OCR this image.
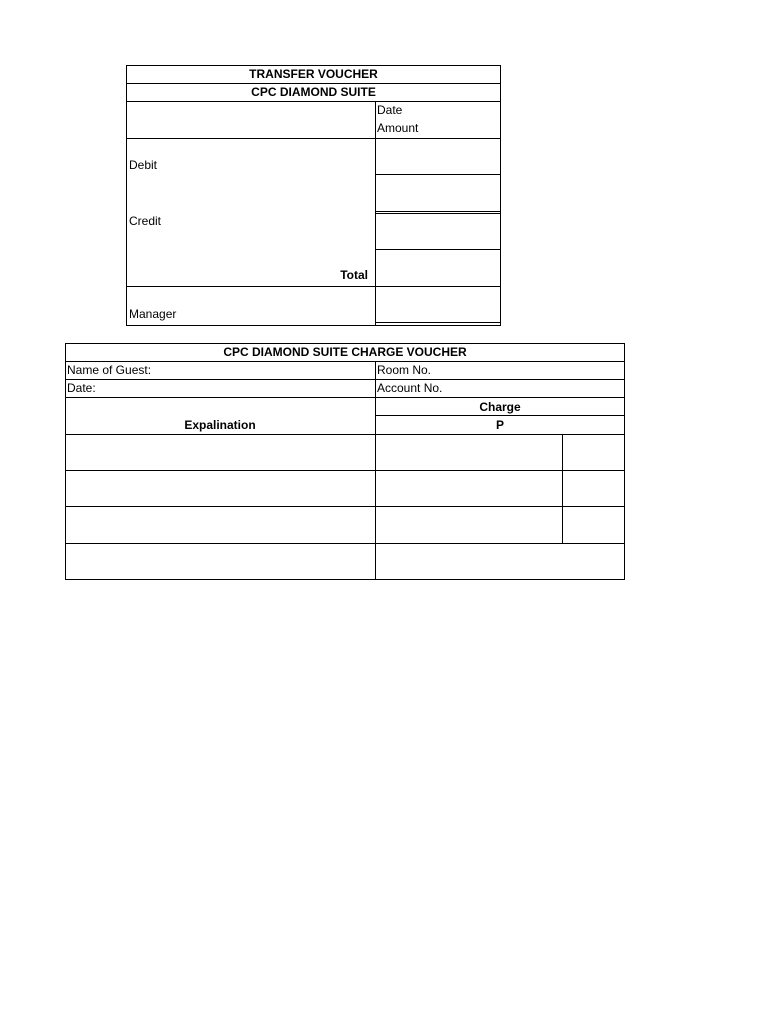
TRANSFER VOUCHER
CPC DIAMOND SUITE
Date
Amount
Debit
Credit
Total
Manager
CPC DIAMOND SUITE CHARGE VOUCHER
Name of Guest:	Room No.
Date:	Account No.
Charge
P
Expalination
